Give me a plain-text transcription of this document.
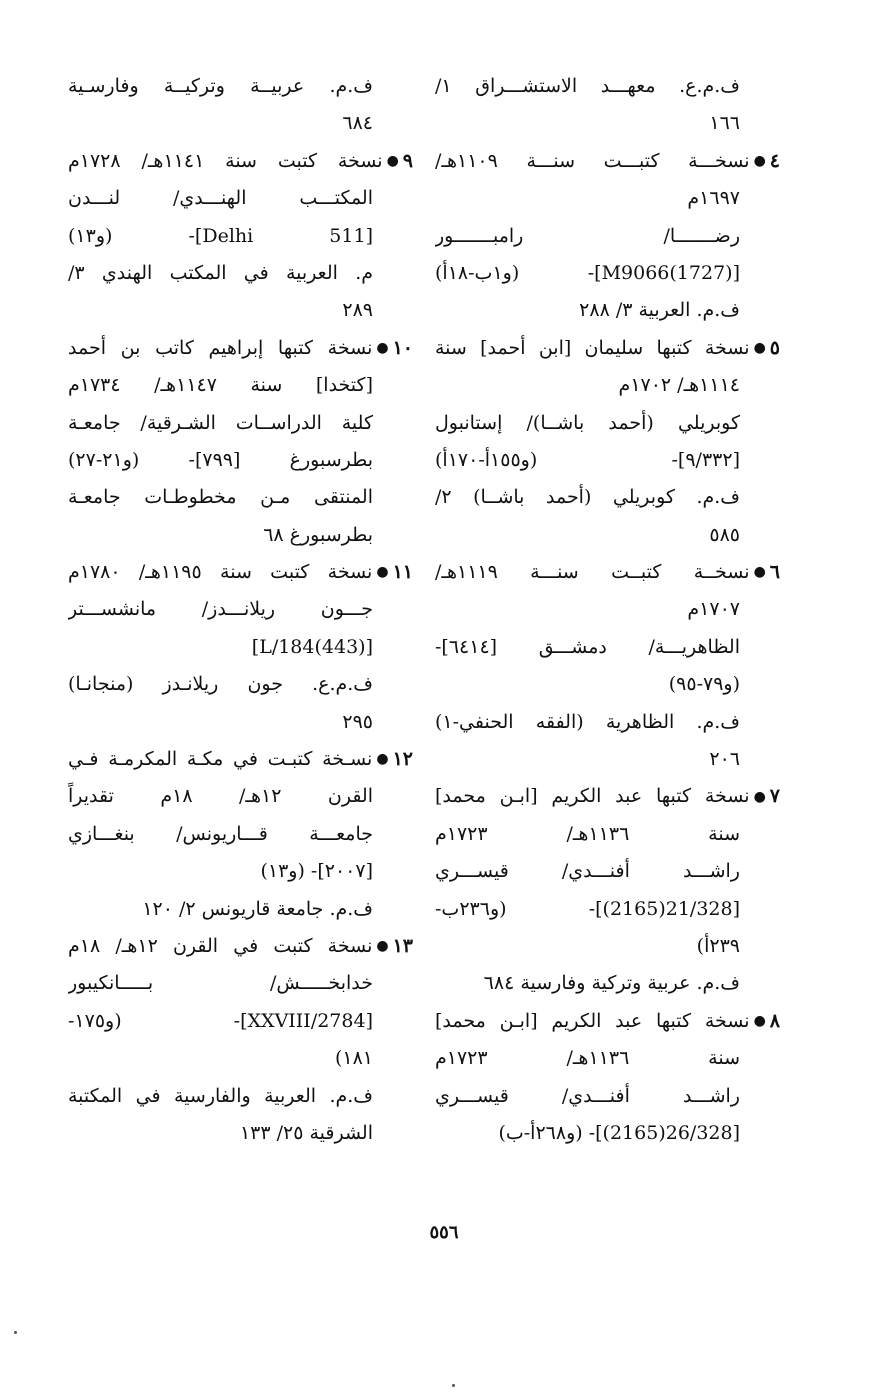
ف.م.ع. معهـــد الاستشـــراق ١/
١٦٦
٤●نسخـــة كتبـــت سنـــة ١١٠٩هـ/
١٦٩٧م
رضـــــــا/ رامبـــــــور
[M9066(1727)]- (و١ب-١٨أ)
ف.م. العربية ٣/ ٢٨٨
٥●نسخة كتبها سليمان [ابن أحمد] سنة
١١١٤هـ/ ١٧٠٢م
كوبريلي (أحمد باشــا)/ إستانبول
[٩/٣٣٢]- (و١٥٥أ-١٧٠أ)
ف.م. كوبريلي (أحمد باشــا) ٢/
٥٨٥
٦●نسخــة كتبــت سنـــة ١١١٩هـ/
١٧٠٧م
الظاهريـــة/ دمشـــق [٦٤١٤]-
(و٧٩-٩٥)
ف.م. الظاهرية (الفقه الحنفي-١)
٢٠٦
٧●نسخة كتبها عبد الكريم [ابـن محمد]
سنة ١١٣٦هـ/ ١٧٢٣م
راشـــد أفنـــدي/ قيســـري
[21/328(2165)]- (و٢٣٦ب-
٢٣٩أ)
ف.م. عربية وتركية وفارسية ٦٨٤
٨●نسخة كتبها عبد الكريم [ابـن محمد]
سنة ١١٣٦هـ/ ١٧٢٣م
راشـــد أفنـــدي/ قيســـري
[26/328(2165)]- (و٢٦٨أ-ب)
ف.م. عربيــة وتركيــة وفارسـية
٦٨٤
٩●نسخة كتبت سنة ١١٤١هـ/ ١٧٢٨م
المكتـــب الهنـــدي/ لنـــدن
[Delhi 511]- (و١٣)
م. العربية في المكتب الهندي ٣/
٢٨٩
١٠●نسخة كتبها إبراهيم كاتب بن أحمد
[كتخدا] سنة ١١٤٧هـ/ ١٧٣٤م
كلية الدراســات الشـرقية/ جامعـة
بطرسبورغ [٧٩٩]- (و٢١-٢٧)
المنتقى مـن مخطوطـات جامعـة
بطرسبورغ ٦٨
١١●نسخة كتبت سنة ١١٩٥هـ/ ١٧٨٠م
جـــون ريلانـــدز/ مانشســـتر
[L/184(443)]
ف.م.ع. جون ريلانـدز (منجانـا)
٢٩٥
١٢●نسـخة كتبـت في مكـة المكرمـة فـي
القرن ١٢هـ/ ١٨م تقديراً
جامعـــة قـــاريونس/ بنغـــازي
[٢٠٠٧]- (و١٣)
ف.م. جامعة قاريونس ٢/ ١٢٠
١٣●نسخة كتبت في القرن ١٢هـ/ ١٨م
خدابخـــــش/ بـــــانكيبور
[2784/XXVIII]- (و١٧٥-
١٨١)
ف.م. العربية والفارسية في المكتبة
الشرقية ٢٥/ ١٣٣
٥٥٦
